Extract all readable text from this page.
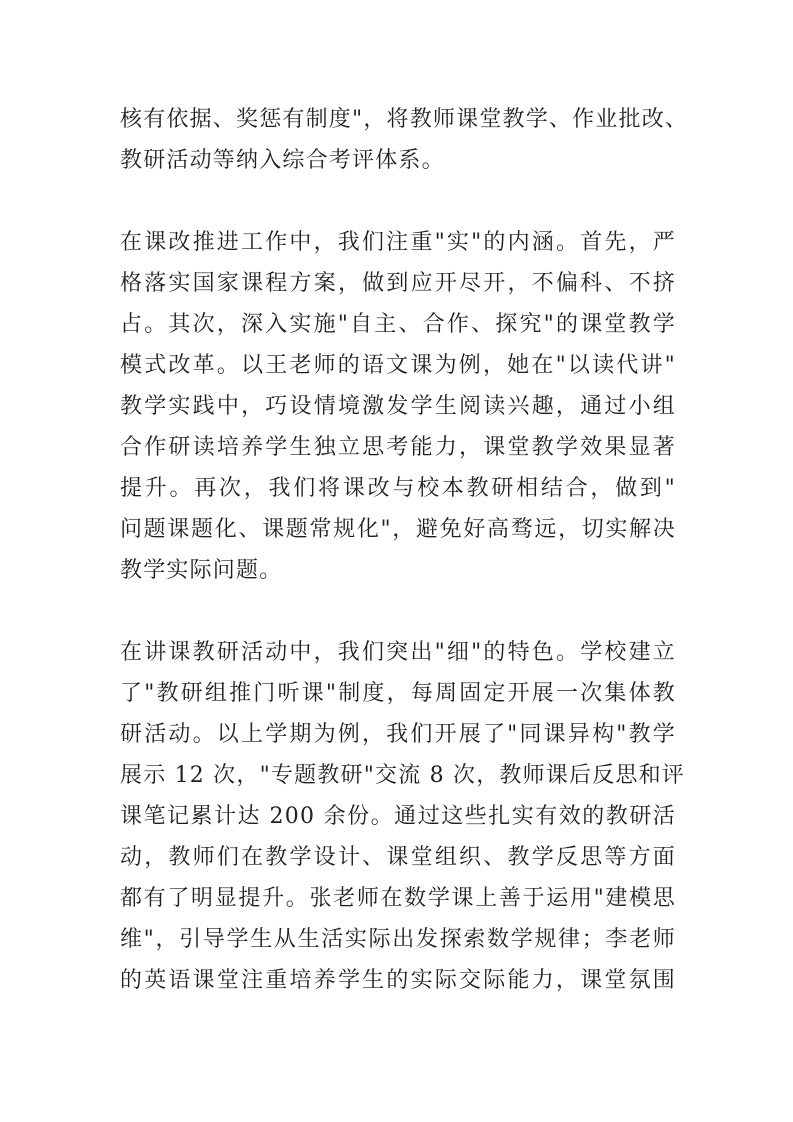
核有依据、奖惩有制度"，将教师课堂教学、作业批改、
教研活动等纳入综合考评体系。
在课改推进工作中，我们注重"实"的内涵。首先，严
格落实国家课程方案，做到应开尽开，不偏科、不挤
占。其次，深入实施"自主、合作、探究"的课堂教学
模式改革。以王老师的语文课为例，她在"以读代讲"
教学实践中，巧设情境激发学生阅读兴趣，通过小组
合作研读培养学生独立思考能力，课堂教学效果显著
提升。再次，我们将课改与校本教研相结合，做到"
问题课题化、课题常规化"，避免好高骛远，切实解决
教学实际问题。
在讲课教研活动中，我们突出"细"的特色。学校建立
了"教研组推门听课"制度，每周固定开展一次集体教
研活动。以上学期为例，我们开展了"同课异构"教学
展示 12 次，"专题教研"交流 8 次，教师课后反思和评
课笔记累计达 200 余份。通过这些扎实有效的教研活
动，教师们在教学设计、课堂组织、教学反思等方面
都有了明显提升。张老师在数学课上善于运用"建模思
维"，引导学生从生活实际出发探索数学规律；李老师
的英语课堂注重培养学生的实际交际能力，课堂氛围
